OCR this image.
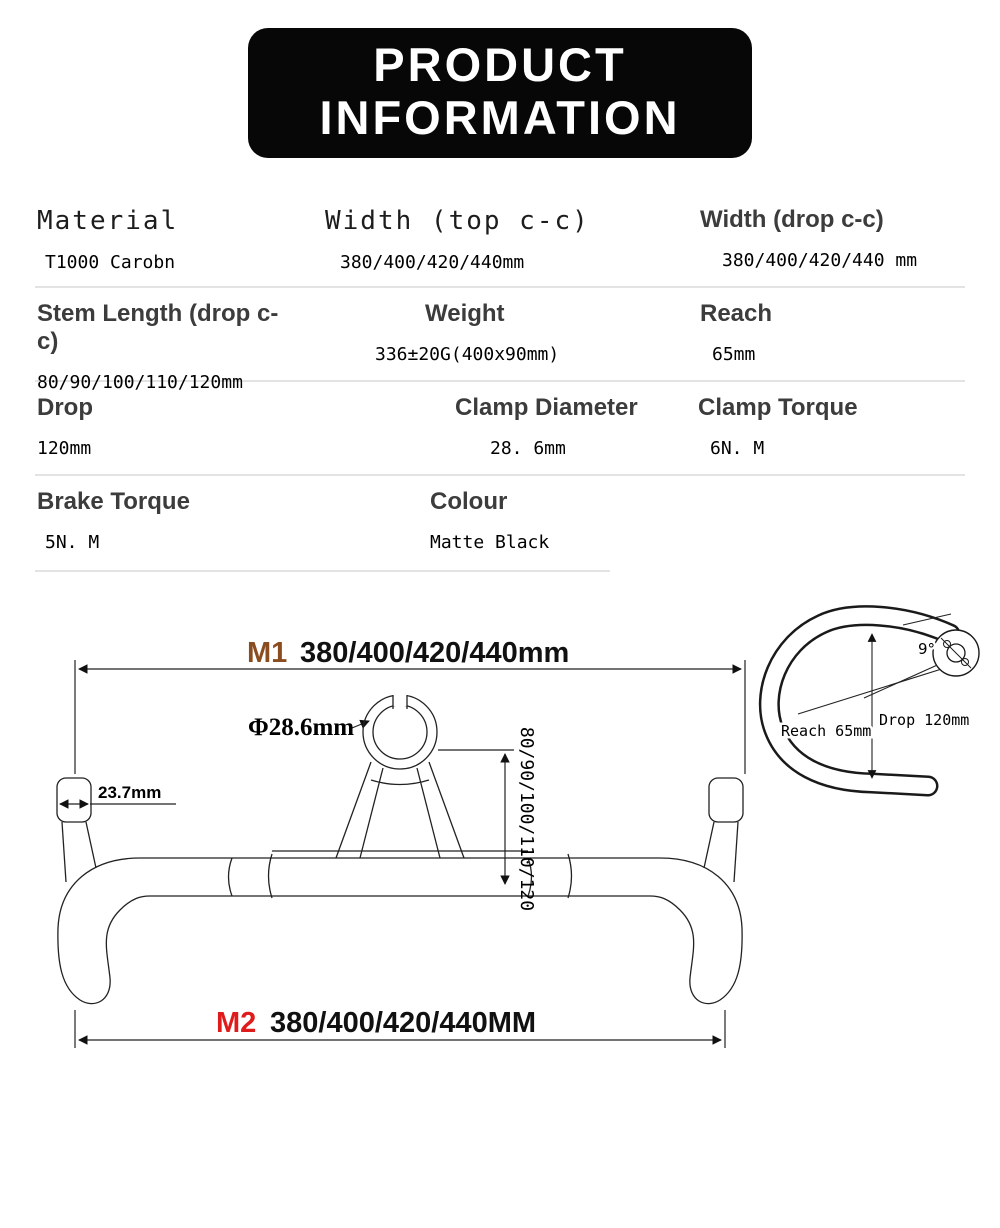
PRODUCT
INFORMATION
Material
T1000 Carobn
Width (top c-c)
380/400/420/440mm
Width (drop c-c)
380/400/420/440 mm
Stem Length (drop c-c)
80/90/100/110/120mm
Weight
336±20G(400x90mm)
Reach
65mm
Drop
120mm
Clamp Diameter
28. 6mm
Clamp Torque
6N. M
Brake Torque
5N. M
Colour
Matte Black
M1 380/400/420/440mm
Φ28.6mm
23.7mm	80/90/100/110/120
M2 380/400/420/440MM
9°
Reach 65mm
Drop 120mm
